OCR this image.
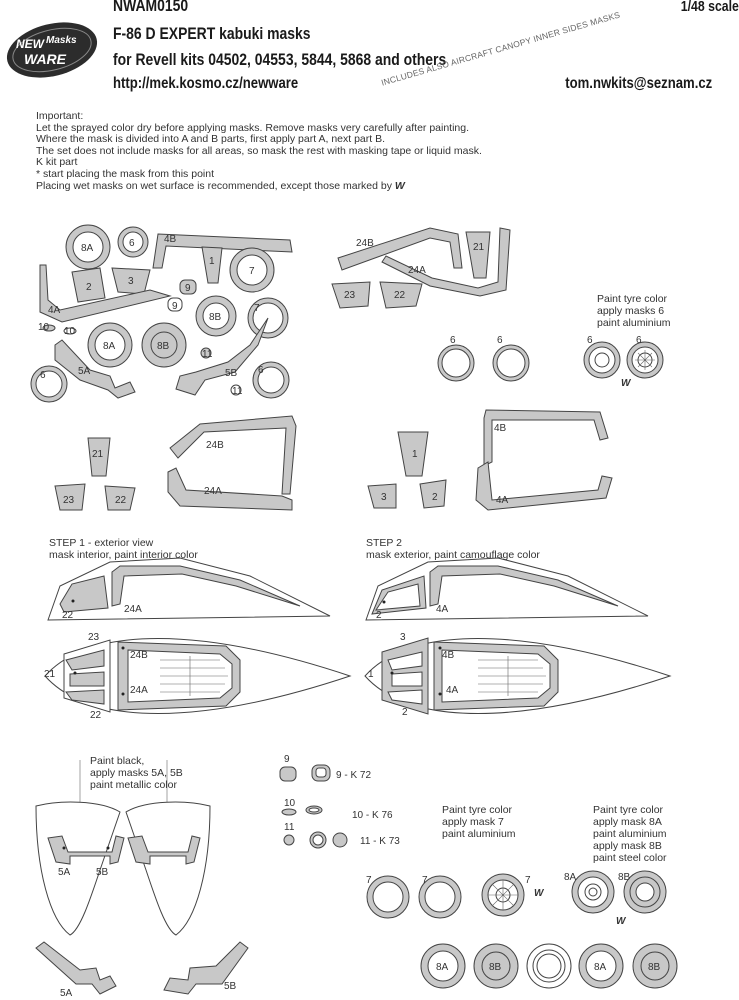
NEW Masks
WARE
NWAM0150	1/48 scale
F-86 D EXPERT kabuki masks
for Revell kits 04502, 04553, 5844, 5868 and others
http://mek.kosmo.cz/newware	tom.nwkits@seznam.cz
INCLUDES ALSO AIRCRAFT CANOPY INNER SIDES MASKS
Important:
Let the sprayed color dry before applying masks. Remove masks very carefully after painting.
Where the mask is divided into A and B parts, first apply part A, next part B.
The set does not include masks for all areas, so mask the rest with masking tape or liquid mask.
K kit part
* start placing the mask from this point
Placing wet masks on wet surface is recommended, except those marked by W
8A	6	4B
1
7
2
3
9
9
4A
8B
7
10 10
8A	8B
11
5A	5B
6	6
11
24B	21
24A
23	22
6	6	6	6
W
21
23	22
24B
24A
1
3	2
4B
4A
22
24A
23
21
24B
24A
22
2
4A
3
1
4B
4A
2
5A	5B
5A
5B
9
9 - K 72
10
10 - K 76
11
11 - K 73
7	7	7
W
8A	8B
W
8A	8B	8A	8B
Paint tyre color
apply masks 6
paint aluminium
STEP 1 - exterior view
mask interior, paint interior color
STEP 2
mask exterior, paint camouflage color
Paint black,
apply masks 5A, 5B
paint metallic color
Paint tyre color
apply mask 7
paint aluminium
Paint tyre color
apply mask 8A
paint aluminium
apply mask 8B
paint steel color
